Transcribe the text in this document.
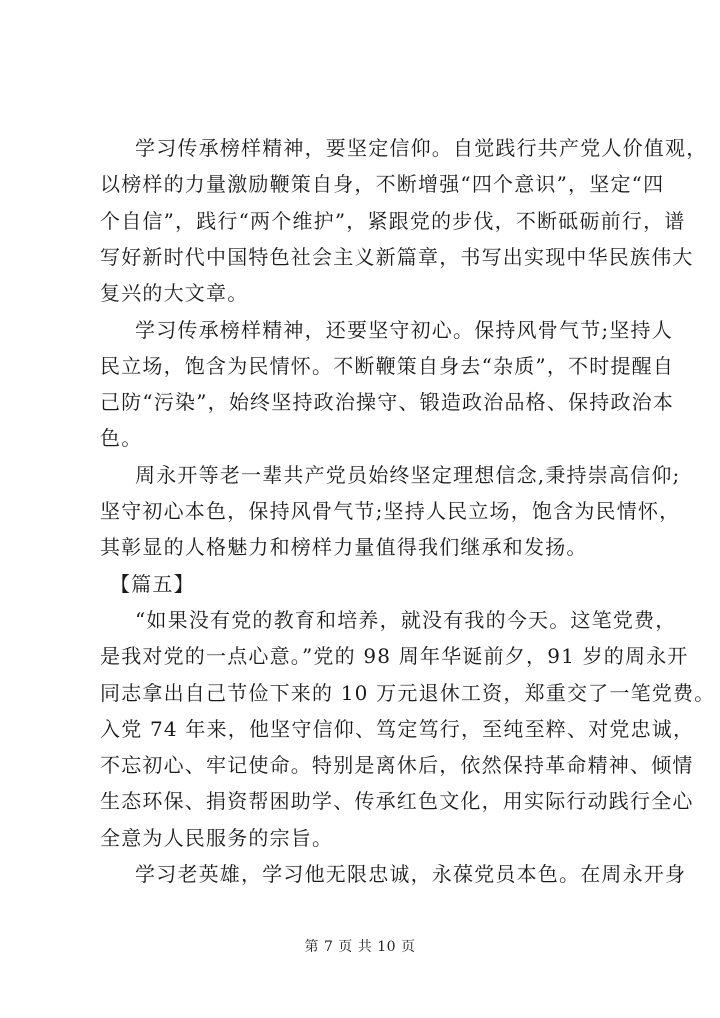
学习传承榜样精神，要坚定信仰。自觉践行共产党人价值观，
以榜样的力量激励鞭策自身，不断增强“四个意识”，坚定“四
个自信”，践行“两个维护”，紧跟党的步伐，不断砥砺前行，谱
写好新时代中国特色社会主义新篇章，书写出实现中华民族伟大
复兴的大文章。
学习传承榜样精神，还要坚守初心。保持风骨气节;坚持人
民立场，饱含为民情怀。不断鞭策自身去“杂质”，不时提醒自
己防“污染”，始终坚持政治操守、锻造政治品格、保持政治本
色。
周永开等老一辈共产党员始终坚定理想信念,秉持崇高信仰;
坚守初心本色，保持风骨气节;坚持人民立场，饱含为民情怀，
其彰显的人格魅力和榜样力量值得我们继承和发扬。
【篇五】
“如果没有党的教育和培养，就没有我的今天。这笔党费，
是我对党的一点心意。”党的 98 周年华诞前夕，91 岁的周永开
同志拿出自己节俭下来的 10 万元退休工资，郑重交了一笔党费。
入党 74 年来，他坚守信仰、笃定笃行，至纯至粹、对党忠诚，
不忘初心、牢记使命。特别是离休后，依然保持革命精神、倾情
生态环保、捐资帮困助学、传承红色文化，用实际行动践行全心
全意为人民服务的宗旨。
学习老英雄，学习他无限忠诚，永葆党员本色。在周永开身
第 7 页 共 10 页
